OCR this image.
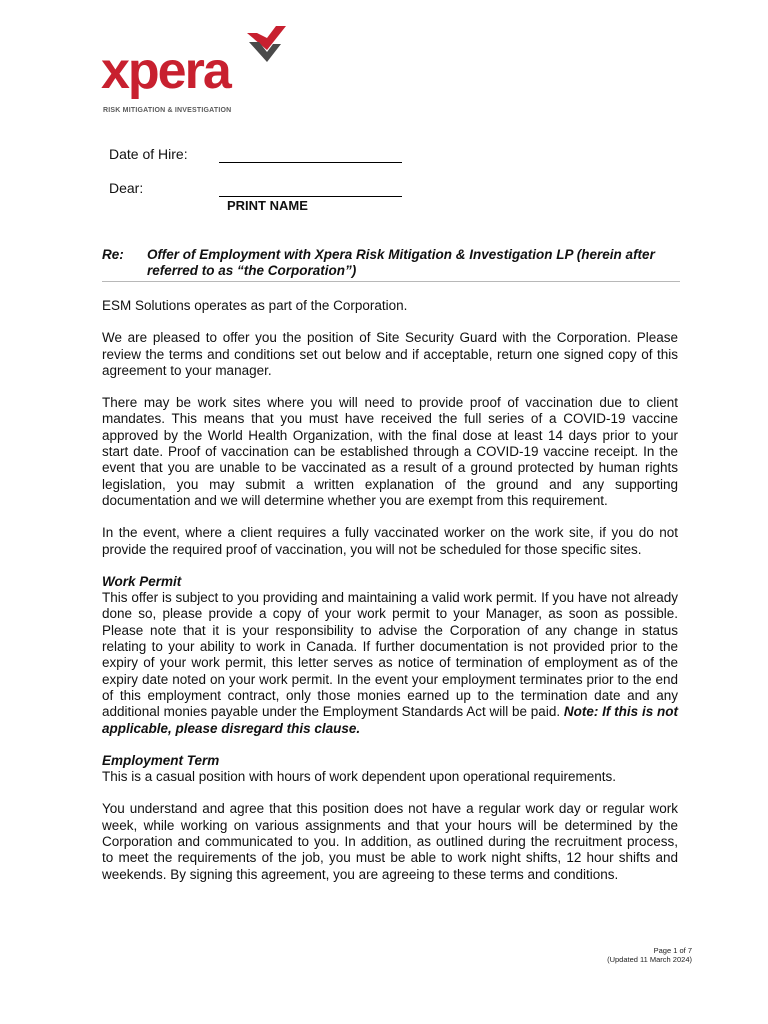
xpera
RISK MITIGATION & INVESTIGATION
Date of Hire:
Dear:
PRINT NAME
Re: Offer of Employment with Xpera Risk Mitigation & Investigation LP (herein after referred to as “the Corporation”)

ESM Solutions operates as part of the Corporation.

We are pleased to offer you the position of Site Security Guard with the Corporation. Please review the terms and conditions set out below and if acceptable, return one signed copy of this agreement to your manager.

There may be work sites where you will need to provide proof of vaccination due to client mandates. This means that you must have received the full series of a COVID-19 vaccine approved by the World Health Organization, with the final dose at least 14 days prior to your start date. Proof of vaccination can be established through a COVID-19 vaccine receipt. In the event that you are unable to be vaccinated as a result of a ground protected by human rights legislation, you may submit a written explanation of the ground and any supporting documentation and we will determine whether you are exempt from this requirement.

In the event, where a client requires a fully vaccinated worker on the work site, if you do not provide the required proof of vaccination, you will not be scheduled for those specific sites.

Work Permit

This offer is subject to you providing and maintaining a valid work permit. If you have not already done so, please provide a copy of your work permit to your Manager, as soon as possible. Please note that it is your responsibility to advise the Corporation of any change in status relating to your ability to work in Canada. If further documentation is not provided prior to the expiry of your work permit, this letter serves as notice of termination of employment as of the expiry date noted on your work permit. In the event your employment terminates prior to the end of this employment contract, only those monies earned up to the termination date and any additional monies payable under the Employment Standards Act will be paid. Note: If this is not applicable, please disregard this clause.

Employment Term

This is a casual position with hours of work dependent upon operational requirements.

You understand and agree that this position does not have a regular work day or regular work week, while working on various assignments and that your hours will be determined by the Corporation and communicated to you. In addition, as outlined during the recruitment process, to meet the requirements of the job, you must be able to work night shifts, 12 hour shifts and weekends. By signing this agreement, you are agreeing to these terms and conditions.

Page 1 of 7
(Updated 11 March 2024)
